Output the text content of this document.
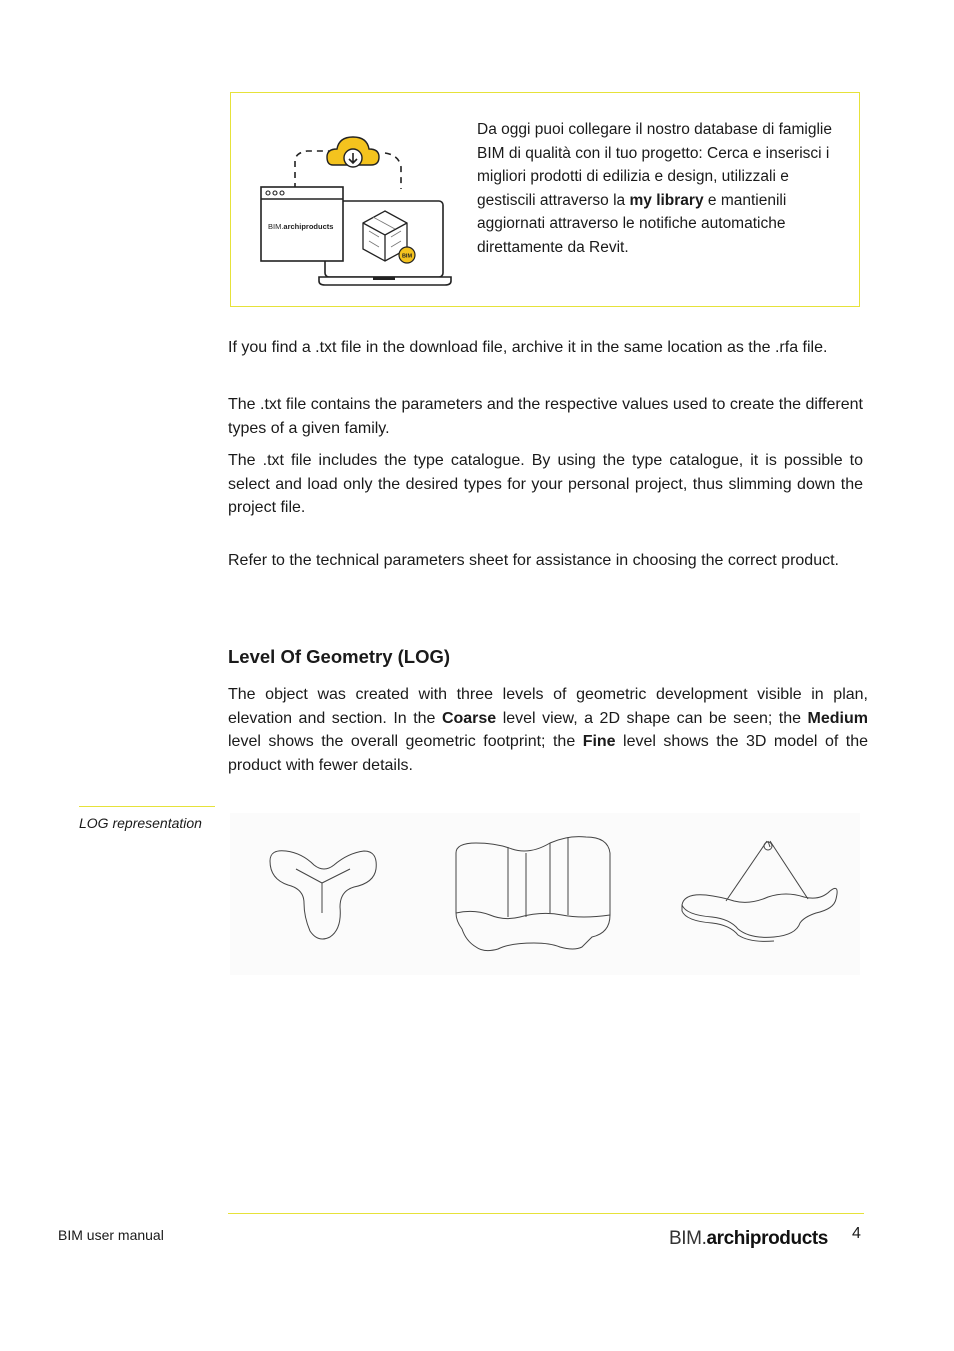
BIM
BIM.archiproducts
Da oggi puoi collegare il nostro database di famiglie BIM di qualità con il tuo progetto: Cerca e inserisci i migliori prodotti di edilizia e design, utilizzali e gestiscili attraverso la my library e mantienili aggiornati attraverso le notifiche automatiche direttamente da Revit.

If you find a .txt file in the download file, archive it in the same location as the .rfa file.

The .txt file contains the parameters and the respective values used to create the different types of a given family.

The .txt file includes the type catalogue. By using the type catalogue, it is possible to select and load only the desired types for your personal project, thus slimming down the project file.

Refer to the technical parameters sheet for assistance in choosing the correct product.

Level Of Geometry (LOG)

The object was created with three levels of geometric development visible in plan, elevation and section. In the Coarse level view, a 2D shape can be seen; the Medium level shows the overall geometric footprint; the Fine level shows the 3D model of the product with fewer details.

LOG representation
BIM user manual	BIM.archiproducts 4
